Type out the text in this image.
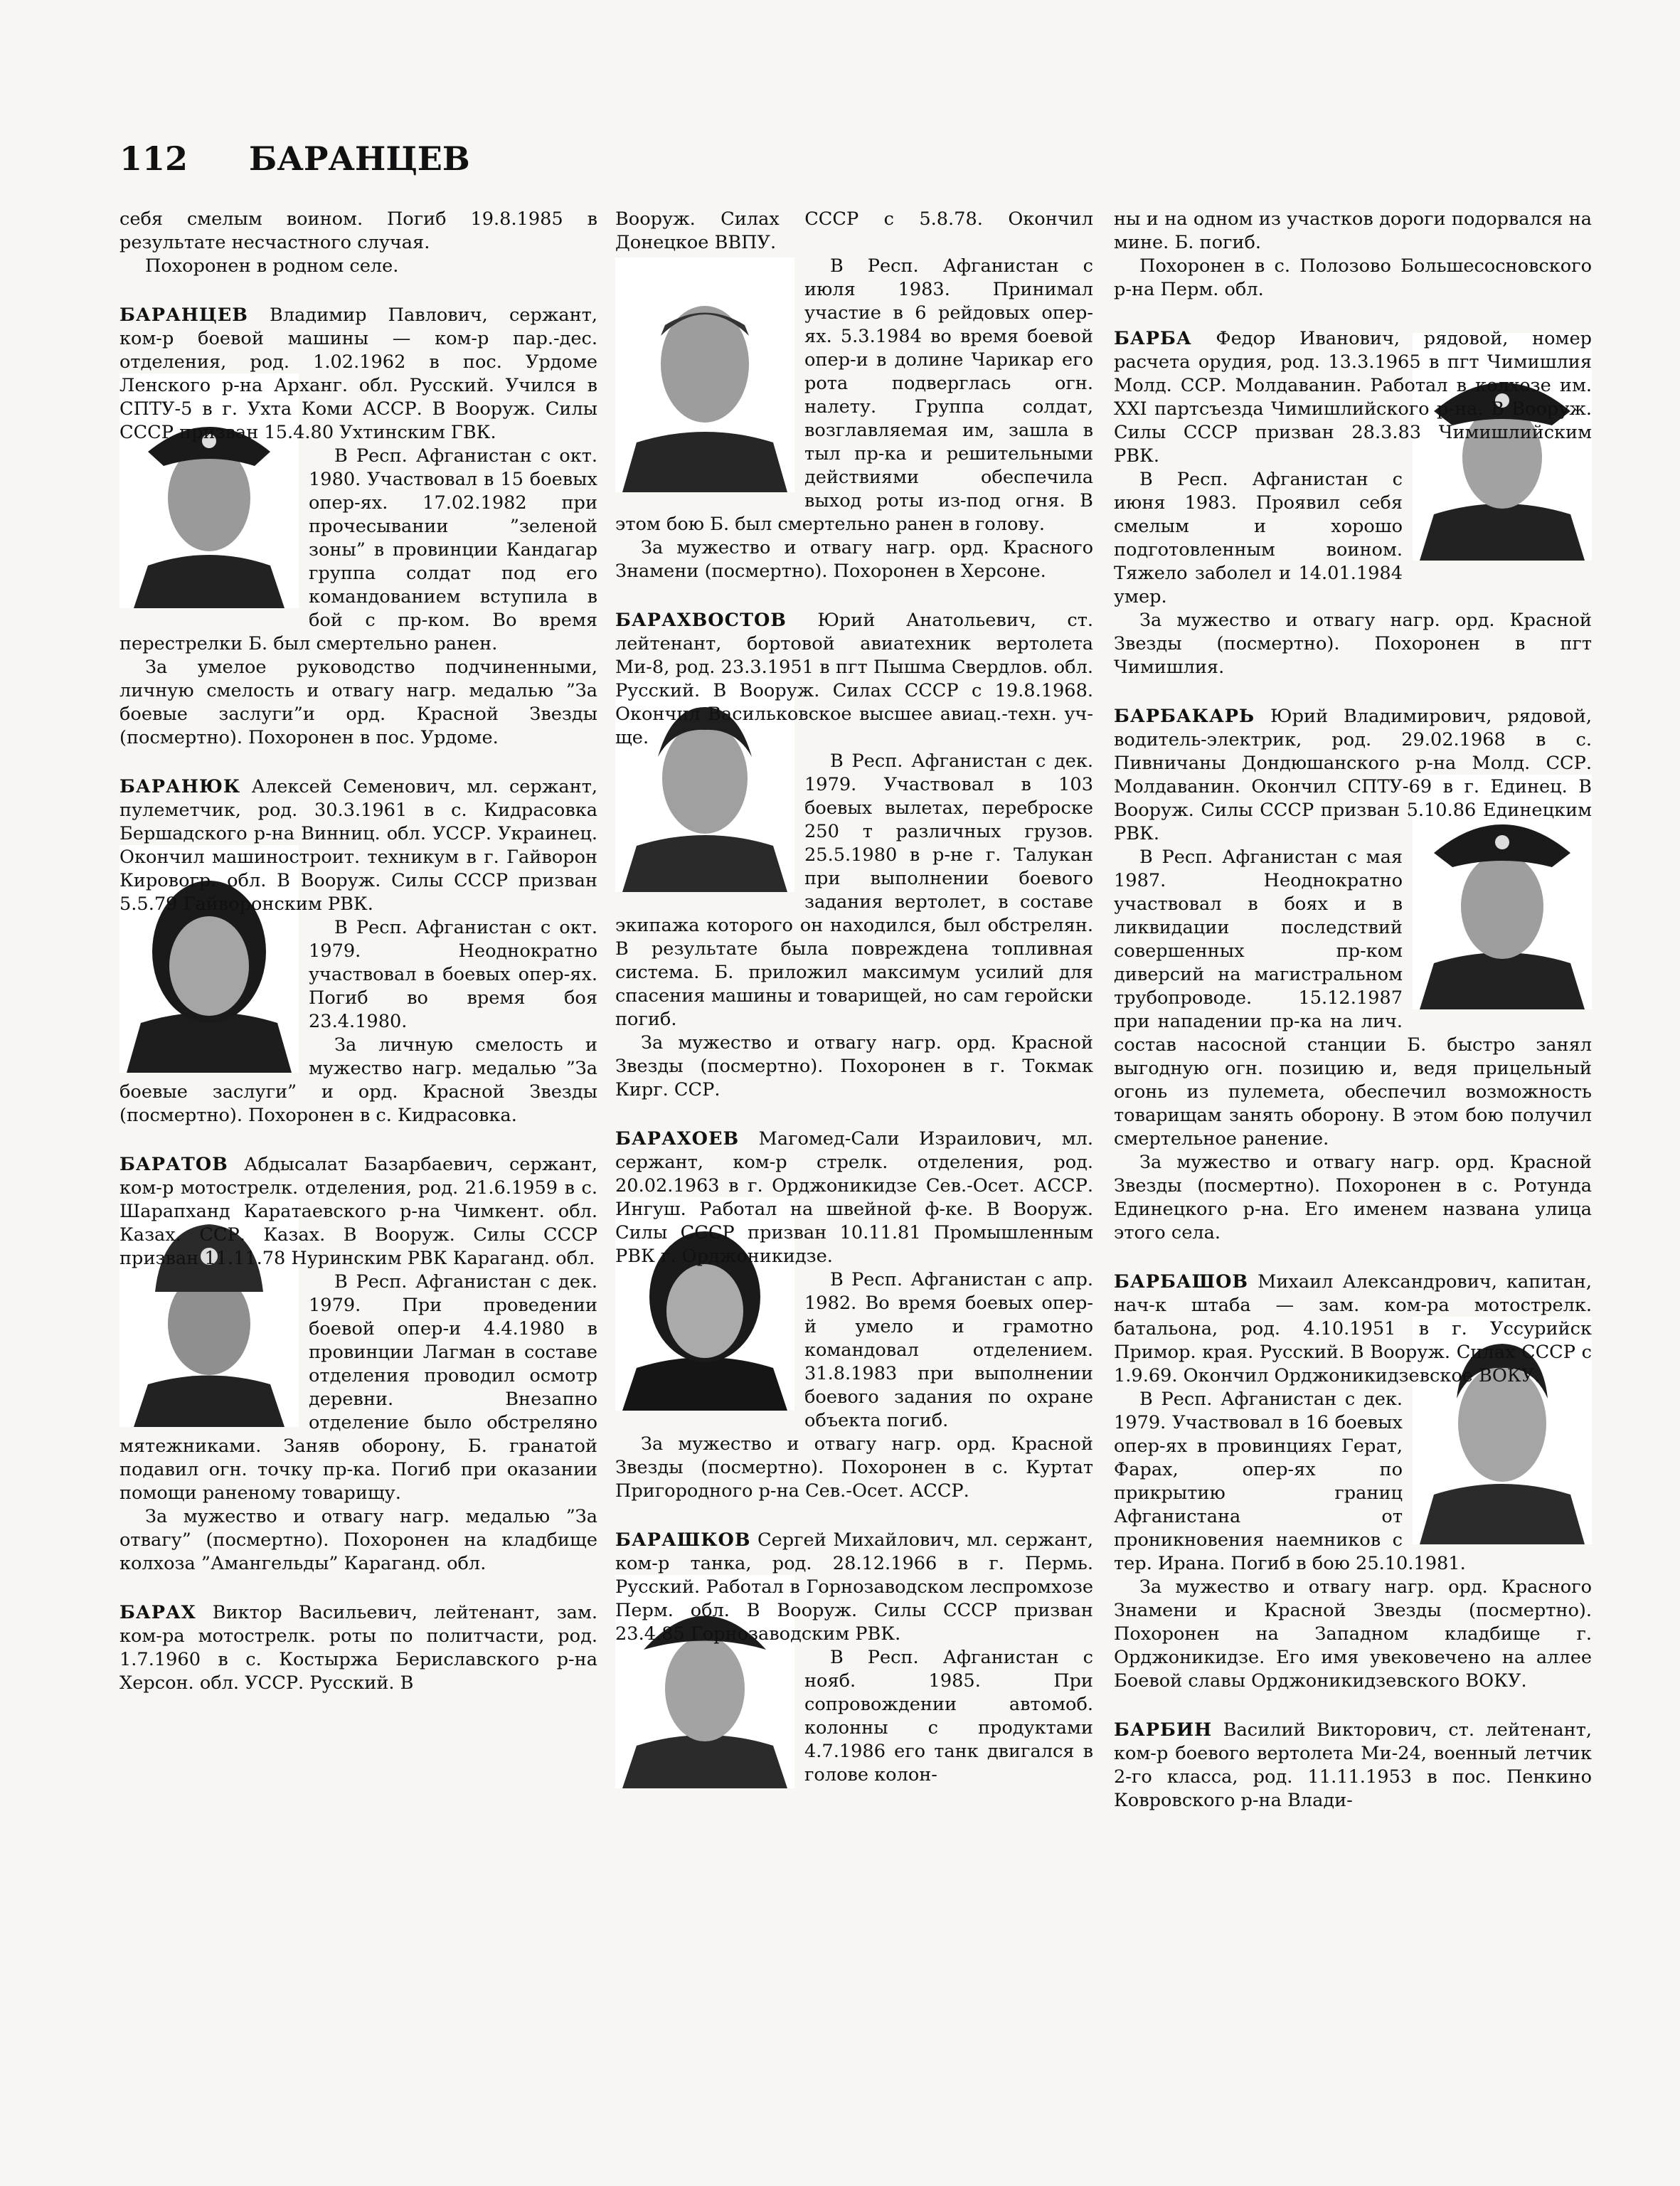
112 БАРАНЦЕВ

себя смелым воином. Погиб 19.8.1985 в результате несчастного случая.

Похоронен в родном селе.

БАРАНЦЕВ Владимир Павлович, сержант, ком-р боевой машины — ком-р пар.-дес. отделения, род. 1.02.1962 в пос. Урдоме Ленского р-на Арханг. обл. Русский. Учился в СПТУ-5 в г. Ухта Коми АССР. В Вооруж. Силы СССР призван 15.4.80 Ухтинским ГВК.

В Респ. Афганистан с окт. 1980. Участвовал в 15 боевых опер-ях. 17.02.1982 при прочесывании ”зеленой зоны” в провинции Кандагар группа солдат под его командованием вступила в бой с пр-ком. Во время перестрелки Б. был смертельно ранен.

За умелое руководство подчиненными, личную смелость и отвагу нагр. медалью ”За боевые заслуги”и орд. Красной Звезды (посмертно). Похоронен в пос. Урдоме.

БАРАНЮК Алексей Семенович, мл. сержант, пулеметчик, род. 30.3.1961 в с. Кидрасовка Бершадского р-на Винниц. обл. УССР. Украинец. Окончил машиностроит. техникум в г. Гайворон Кировогр. обл. В Вооруж. Силы СССР призван 5.5.79 Гайворонским РВК.

В Респ. Афганистан с окт. 1979. Неоднократно участвовал в боевых опер-ях. Погиб во время боя 23.4.1980.

За личную смелость и мужество нагр. медалью ”За боевые заслуги” и орд. Красной Звезды (посмертно). Похоронен в с. Кидрасовка.

БАРАТОВ Абдысалат Базарбаевич, сержант, ком-р мотострелк. отделения, род. 21.6.1959 в с. Шарапханд Каратаевского р-на Чимкент. обл. Казах. ССР. Казах. В Вооруж. Силы СССР призван 11.11.78 Нуринским РВК Караганд. обл.

В Респ. Афганистан с дек. 1979. При проведении боевой опер-и 4.4.1980 в провинции Лагман в составе отделения проводил осмотр деревни. Внезапно отделение было обстреляно мятежниками. Заняв оборону, Б. гранатой подавил огн. точку пр-ка. Погиб при оказании помощи раненому товарищу.

За мужество и отвагу нагр. медалью ”За отвагу” (посмертно). Похоронен на кладбище колхоза ”Амангельды” Караганд. обл.

БАРАХ Виктор Васильевич, лейтенант, зам. ком-ра мотострелк. роты по политчасти, род. 1.7.1960 в с. Костыржа Бериславского р-на Херсон. обл. УССР. Русский. В

Вооруж. Силах СССР с 5.8.78. Окончил Донецкое ВВПУ.

В Респ. Афганистан с июля 1983. Принимал участие в 6 рейдовых опер-ях. 5.3.1984 во время боевой опер-и в долине Чарикар его рота подверглась огн. налету. Группа солдат, возглавляемая им, зашла в тыл пр-ка и решительными действиями обеспечила выход роты из-под огня. В этом бою Б. был смертельно ранен в голову.

За мужество и отвагу нагр. орд. Красного Знамени (посмертно). Похоронен в Херсоне.

БАРАХВОСТОВ Юрий Анатольевич, ст. лейтенант, бортовой авиатехник вертолета Ми-8, род. 23.3.1951 в пгт Пышма Свердлов. обл. Русский. В Вооруж. Силах СССР с 19.8.1968. Окончил Васильковское высшее авиац.-техн. уч-ще.

В Респ. Афганистан с дек. 1979. Участвовал в 103 боевых вылетах, переброске 250 т различных грузов. 25.5.1980 в р-не г. Талукан при выполнении боевого задания вертолет, в составе экипажа которого он находился, был обстрелян. В результате была повреждена топливная система. Б. приложил максимум усилий для спасения машины и товарищей, но сам геройски погиб.

За мужество и отвагу нагр. орд. Красной Звезды (посмертно). Похоронен в г. Токмак Кирг. ССР.

БАРАХОЕВ Магомед-Сали Израилович, мл. сержант, ком-р стрелк. отделения, род. 20.02.1963 в г. Орджоникидзе Сев.-Осет. АССР. Ингуш. Работал на швейной ф-ке. В Вооруж. Силы СССР призван 10.11.81 Промышленным РВК г. Орджоникидзе.

В Респ. Афганистан с апр. 1982. Во время боевых опер-й умело и грамотно командовал отделением. 31.8.1983 при выполнении боевого задания по охране объекта погиб.

За мужество и отвагу нагр. орд. Красной Звезды (посмертно). Похоронен в с. Куртат Пригородного р-на Сев.-Осет. АССР.

БАРАШКОВ Сергей Михайлович, мл. сержант, ком-р танка, род. 28.12.1966 в г. Пермь. Русский. Работал в Горнозаводском леспромхозе Перм. обл. В Вооруж. Силы СССР призван 23.4.85 Горнозаводским РВК.

В Респ. Афганистан с нояб. 1985. При сопровождении автомоб. колонны с продуктами 4.7.1986 его танк двигался в голове колон-

ны и на одном из участков дороги подорвался на мине. Б. погиб.

Похоронен в с. Полозово Большесосновского р-на Перм. обл.

БАРБА Федор Иванович, рядовой, номер расчета орудия, род. 13.3.1965 в пгт Чимишлия Молд. ССР. Молдаванин. Работал в колхозе им. XXI партсъезда Чимишлийского р-на. В Вооруж. Силы СССР призван 28.3.83 Чимишлийским РВК.

В Респ. Афганистан с июня 1983. Проявил себя смелым и хорошо подготовленным воином. Тяжело заболел и 14.01.1984 умер.

За мужество и отвагу нагр. орд. Красной Звезды (посмертно). Похоронен в пгт Чимишлия.

БАРБАКАРЬ Юрий Владимирович, рядовой, водитель-электрик, род. 29.02.1968 в с. Пивничаны Дондюшанского р-на Молд. ССР. Молдаванин. Окончил СПТУ-69 в г. Единец. В Вооруж. Силы СССР призван 5.10.86 Единецким РВК.

В Респ. Афганистан с мая 1987. Неоднократно участвовал в боях и в ликвидации последствий совершенных пр-ком диверсий на магистральном трубопроводе. 15.12.1987 при нападении пр-ка на лич. состав насосной станции Б. быстро занял выгодную огн. позицию и, ведя прицельный огонь из пулемета, обеспечил возможность товарищам занять оборону. В этом бою получил смертельное ранение.

За мужество и отвагу нагр. орд. Красной Звезды (посмертно). Похоронен в с. Ротунда Единецкого р-на. Его именем названа улица этого села.

БАРБАШОВ Михаил Александрович, капитан, нач-к штаба — зам. ком-ра мотострелк. батальона, род. 4.10.1951 в г. Уссурийск Примор. края. Русский. В Вооруж. Силах СССР с 1.9.69. Окончил Орджоникидзевское ВОКУ.

В Респ. Афганистан с дек. 1979. Участвовал в 16 боевых опер-ях в провинциях Герат, Фарах, опер-ях по прикрытию границ Афганистана от проникновения наемников с тер. Ирана. Погиб в бою 25.10.1981.

За мужество и отвагу нагр. орд. Красного Знамени и Красной Звезды (посмертно). Похоронен на Западном кладбище г. Орджоникидзе. Его имя увековечено на аллее Боевой славы Орджоникидзевского ВОКУ.

БАРБИН Василий Викторович, ст. лейтенант, ком-р боевого вертолета Ми-24, военный летчик 2-го класса, род. 11.11.1953 в пос. Пенкино Ковровского р-на Влади-
